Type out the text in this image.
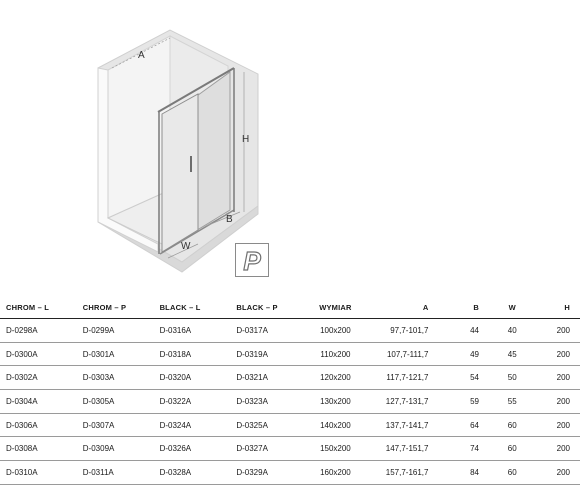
A
H
B
W P
CHROM – L	CHROM – P	BLACK – L	BLACK – P	WYMIAR	A	B	W	H
D-0298A	D-0299A	D-0316A	D-0317A	100x200	97,7-101,7	44	40	200
D-0300A	D-0301A	D-0318A	D-0319A	110x200	107,7-111,7	49	45	200
D-0302A	D-0303A	D-0320A	D-0321A	120x200	117,7-121,7	54	50	200
D-0304A	D-0305A	D-0322A	D-0323A	130x200	127,7-131,7	59	55	200
D-0306A	D-0307A	D-0324A	D-0325A	140x200	137,7-141,7	64	60	200
D-0308A	D-0309A	D-0326A	D-0327A	150x200	147,7-151,7	74	60	200
D-0310A	D-0311A	D-0328A	D-0329A	160x200	157,7-161,7	84	60	200
